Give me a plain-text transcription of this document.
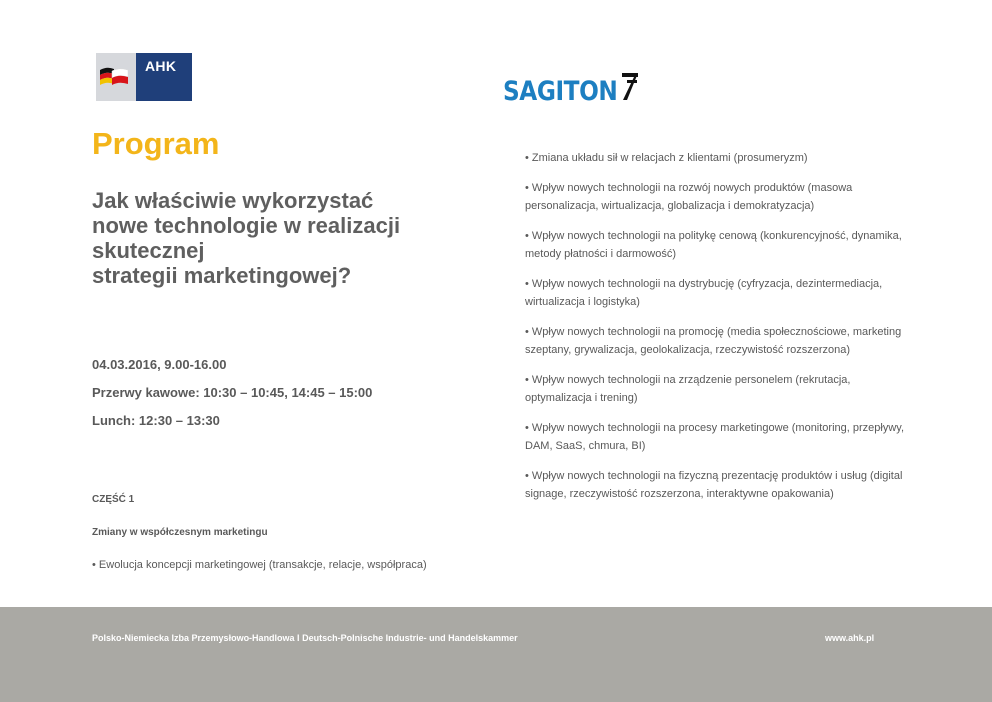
AHK
SAGITON
Program
Jak właściwie wykorzystać
nowe technologie w realizacji
skutecznej
strategii marketingowej?
04.03.2016, 9.00-16.00
Przerwy kawowe: 10:30 – 10:45, 14:45 – 15:00
Lunch: 12:30 – 13:30
CZĘŚĆ 1
Zmiany w współczesnym marketingu
• Ewolucja koncepcji marketingowej (transakcje, relacje, współpraca)
• Zmiana układu sił w relacjach z klientami (prosumeryzm)
• Wpływ nowych technologii na rozwój nowych produktów (masowa personalizacja, wirtualizacja, globalizacja i demokratyzacja)
• Wpływ nowych technologii na politykę cenową (konkurencyjność, dynamika, metody płatności i darmowość)
• Wpływ nowych technologii na dystrybucję (cyfryzacja, dezintermediacja, wirtualizacja i logistyka)
• Wpływ nowych technologii na promocję (media społecznościowe, marketing szeptany, grywalizacja, geolokalizacja, rzeczywistość rozszerzona)
• Wpływ nowych technologii na zrządzenie personelem (rekrutacja, optymalizacja i trening)
• Wpływ nowych technologii na procesy marketingowe (monitoring, przepływy, DAM, SaaS, chmura, BI)
• Wpływ nowych technologii na fizyczną prezentację produktów i usług (digital signage, rzeczywistość rozszerzona, interaktywne opakowania)
Polsko-Niemiecka Izba Przemysłowo-Handlowa I Deutsch-Polnische Industrie- und Handelskammer	www.ahk.pl
